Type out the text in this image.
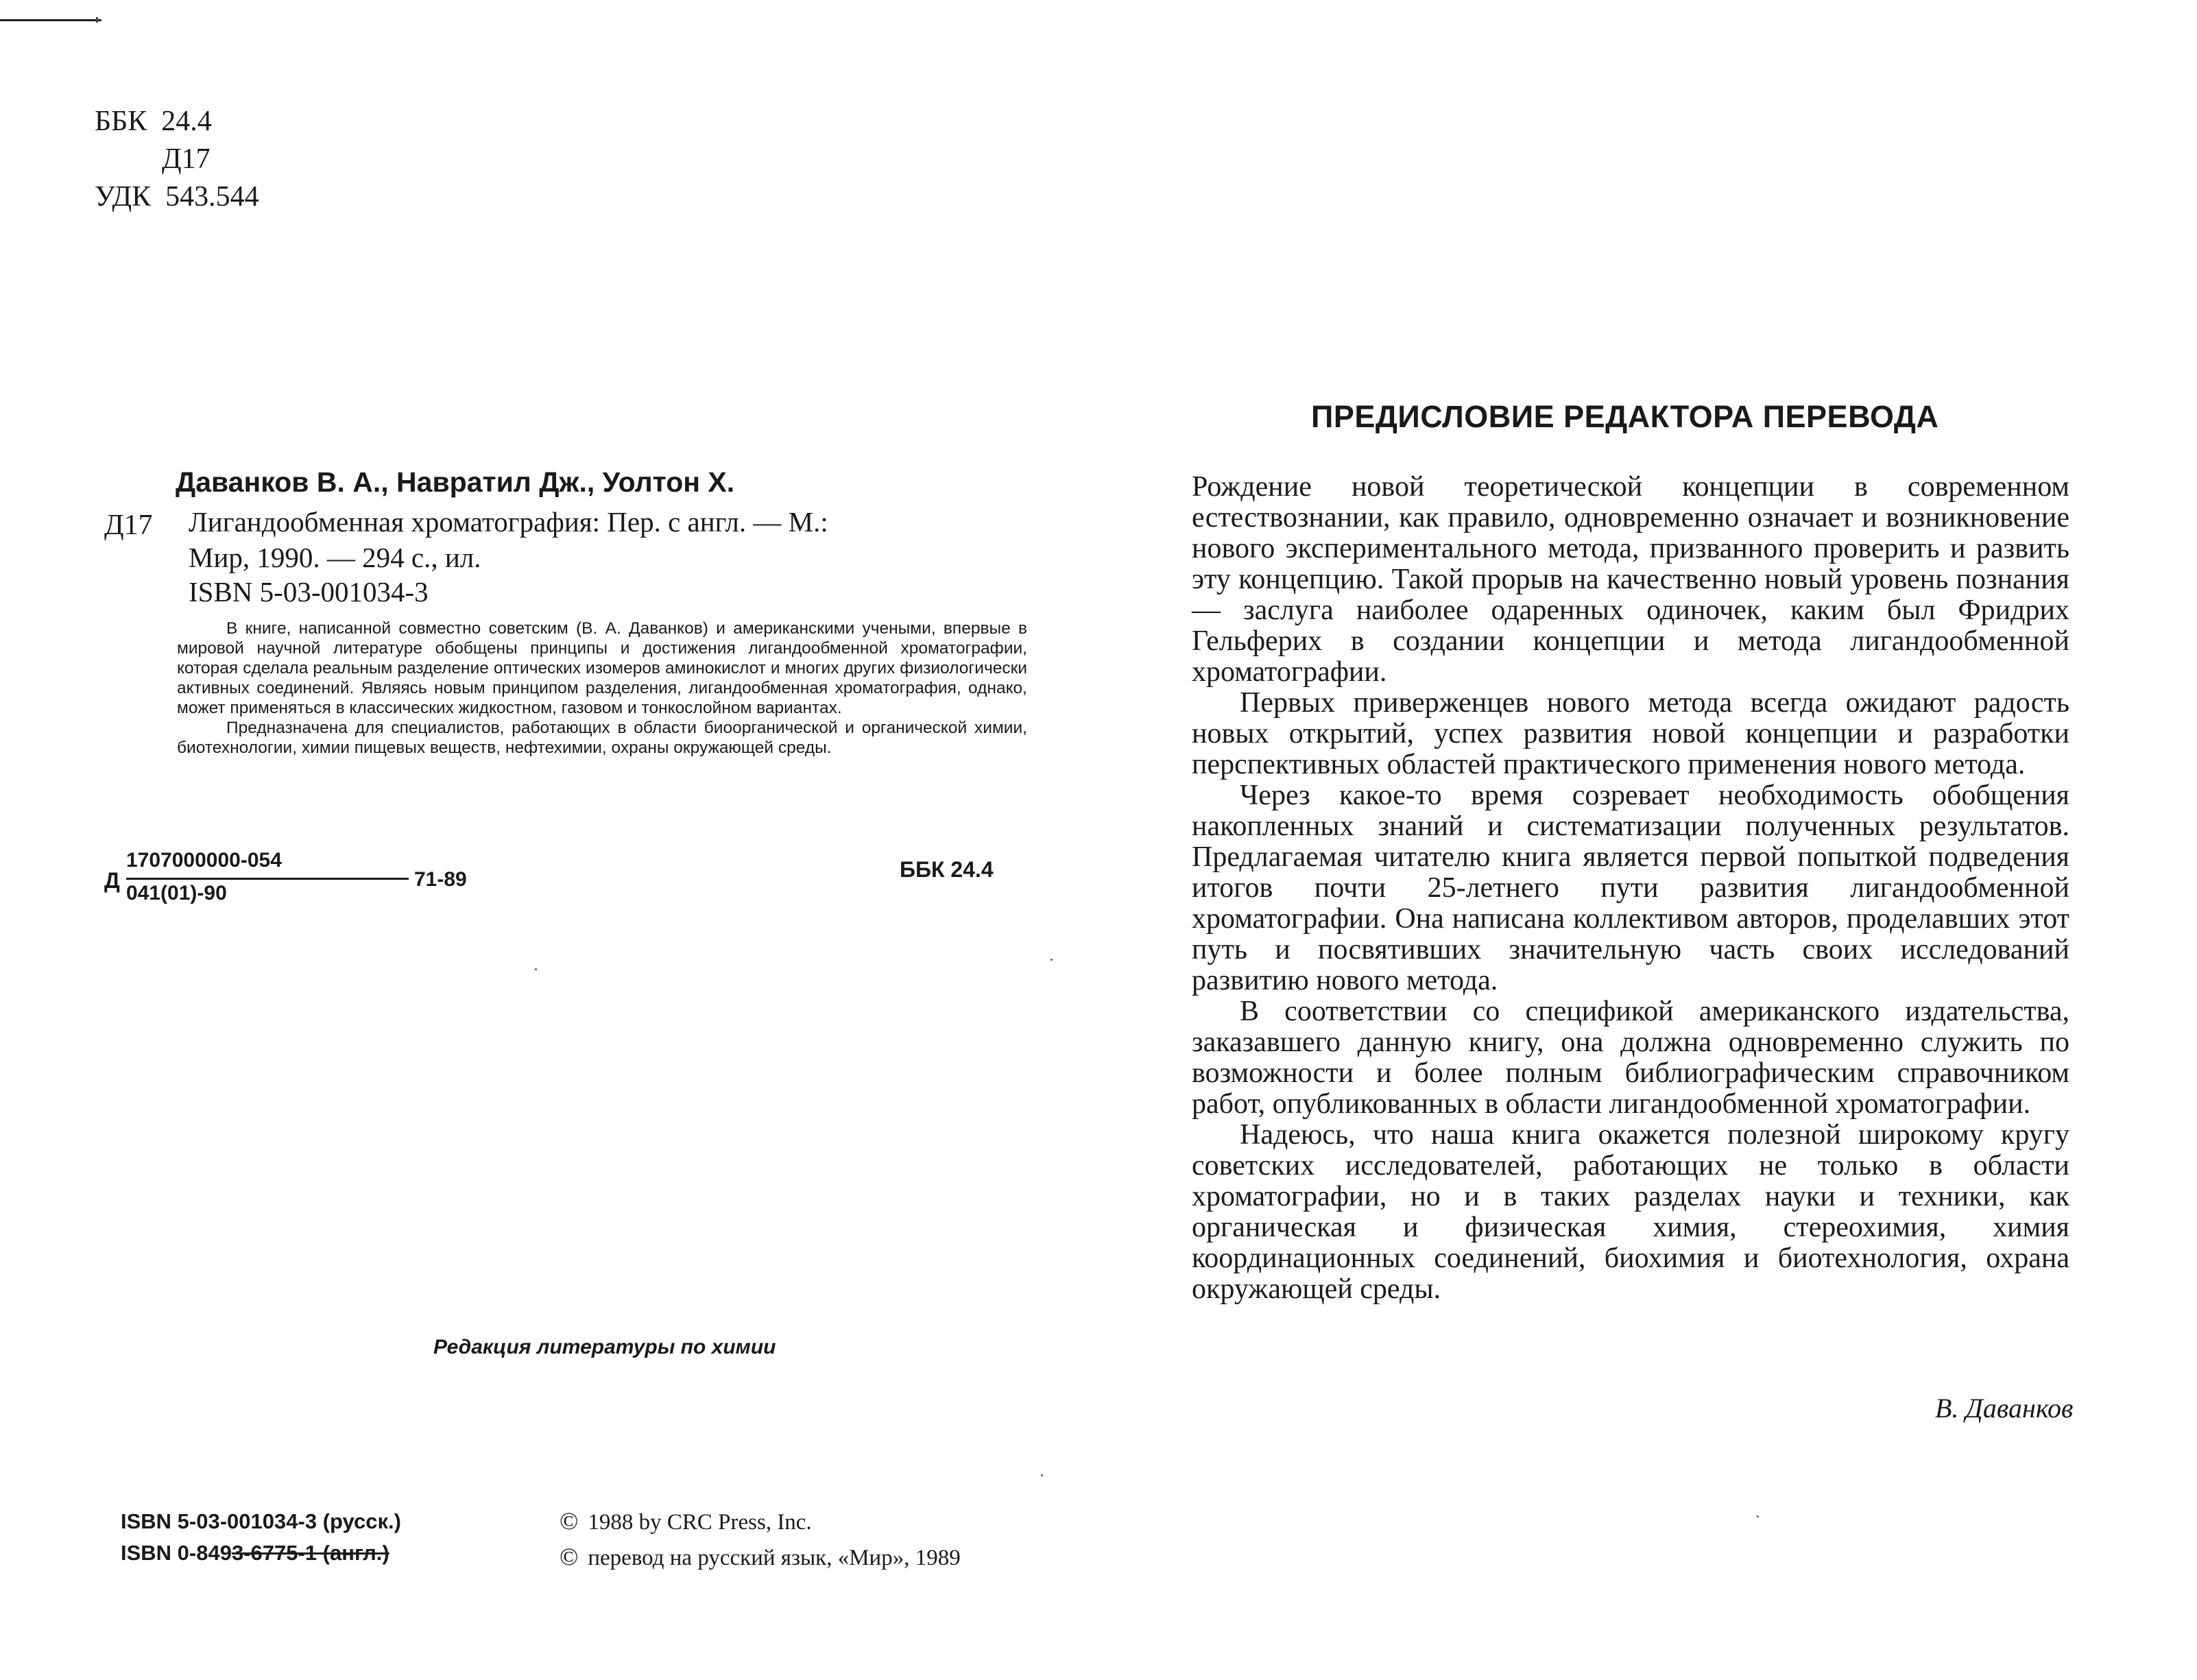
ББК 24.4
Д17
УДК 543.544
Даванков В. А., Навратил Дж., Уолтон Х.
Д17 Лигандообменная хроматография: Пер. с англ. — М.:
Мир, 1990. — 294 с., ил.
ISBN 5-03-001034-3

В книге, написанной совместно советским (В. А. Даванков) и американскими учеными, впервые в мировой научной литературе обобщены принципы и достижения лигандообменной хроматографии, которая сделала реальным разделение оптических изомеров аминокислот и многих других физиологически активных соединений. Являясь новым принципом разделения, лигандообменная хроматография, однако, может применяться в классических жидкостном, газовом и тонкослойном вариантах.

Предназначена для специалистов, работающих в области биоорганической и органической химии, биотехнологии, химии пищевых веществ, нефтехимии, охраны окружающей среды.

Д
1707000000-054
041(01)-90
71-89	ББК 24.4
Редакция литературы по химии
ISBN 5-03-001034-3 (русск.)
ISBN 0-8493-6775-1 (англ.)
© 1988 by CRC Press, Inc.
© перевод на русский язык, «Мир», 1989
ПРЕДИСЛОВИЕ РЕДАКТОРА ПЕРЕВОДА

Рождение новой теоретической концепции в современном естествознании, как правило, одновременно означает и возникновение нового экспериментального метода, призванного проверить и развить эту концепцию. Такой прорыв на качественно новый уровень познания — заслуга наиболее одаренных одиночек, каким был Фридрих Гельферих в создании концепции и метода лигандообменной хроматографии.

Первых приверженцев нового метода всегда ожидают радость новых открытий, успех развития новой концепции и разработки перспективных областей практического применения нового метода.

Через какое-то время созревает необходимость обобщения накопленных знаний и систематизации полученных результатов. Предлагаемая читателю книга является первой попыткой подведения итогов почти 25-летнего пути развития лигандообменной хроматографии. Она написана коллективом авторов, проделавших этот путь и посвятивших значительную часть своих исследований развитию нового метода.

В соответствии со спецификой американского издательства, заказавшего данную книгу, она должна одновременно служить по возможности и более полным библиографическим справочником работ, опубликованных в области лигандообменной хроматографии.

Надеюсь, что наша книга окажется полезной широкому кругу советских исследователей, работающих не только в области хроматографии, но и в таких разделах науки и техники, как органическая и физическая химия, стереохимия, химия координационных соединений, биохимия и биотехнология, охрана окружающей среды.

В. Даванков
